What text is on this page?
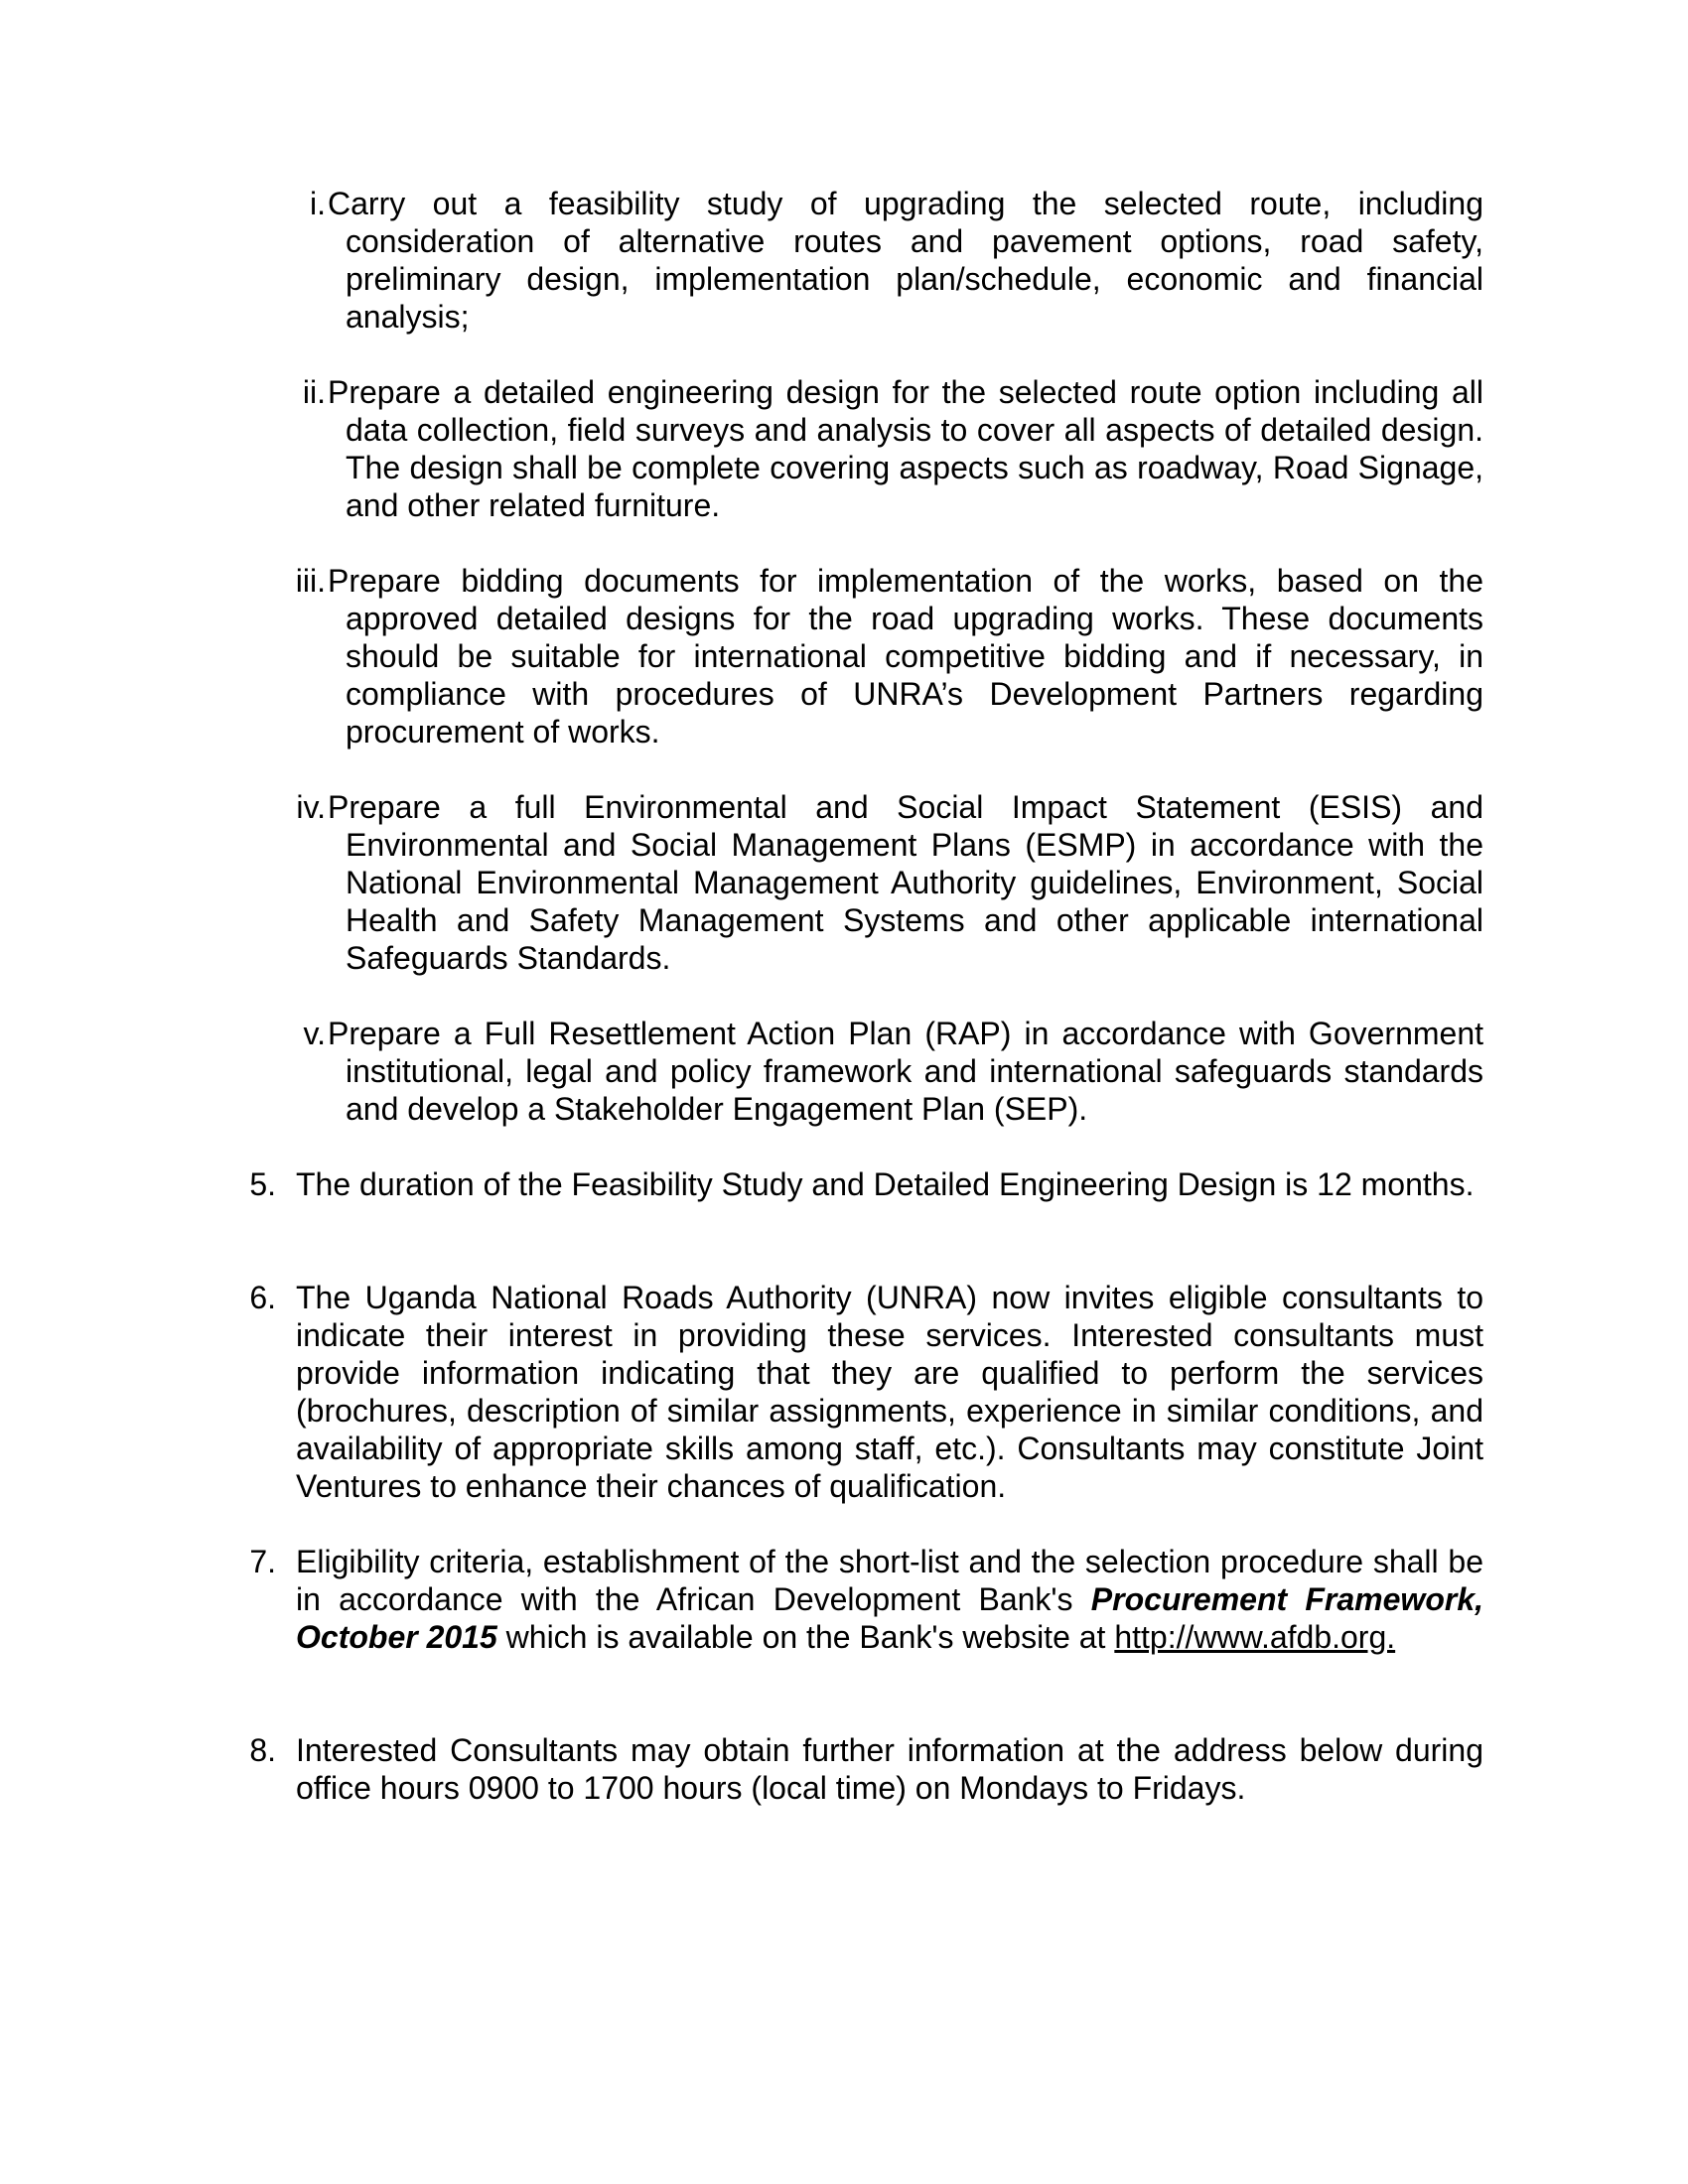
i. Carry out a feasibility study of upgrading the selected route, including consideration of alternative routes and pavement options, road safety, preliminary design, implementation plan/schedule, economic and financial analysis;
ii. Prepare a detailed engineering design for the selected route option including all data collection, field surveys and analysis to cover all aspects of detailed design. The design shall be complete covering aspects such as roadway, Road Signage, and other related furniture.
iii. Prepare bidding documents for implementation of the works, based on the approved detailed designs for the road upgrading works. These documents should be suitable for international competitive bidding and if necessary, in compliance with procedures of UNRA’s Development Partners regarding procurement of works.
iv. Prepare a full Environmental and Social Impact Statement (ESIS) and Environmental and Social Management Plans (ESMP) in accordance with the National Environmental Management Authority guidelines, Environment, Social Health and Safety Management Systems and other applicable international Safeguards Standards.
v. Prepare a Full Resettlement Action Plan (RAP) in accordance with Government institutional, legal and policy framework and international safeguards standards and develop a Stakeholder Engagement Plan (SEP).
5. The duration of the Feasibility Study and Detailed Engineering Design is 12 months.
6. The Uganda National Roads Authority (UNRA) now invites eligible consultants to indicate their interest in providing these services. Interested consultants must provide information indicating that they are qualified to perform the services (brochures, description of similar assignments, experience in similar conditions, and availability of appropriate skills among staff, etc.). Consultants may constitute Joint Ventures to enhance their chances of qualification.
7. Eligibility criteria, establishment of the short-list and the selection procedure shall be in accordance with the African Development Bank's Procurement Framework, October 2015 which is available on the Bank's website at http://www.afdb.org.
8. Interested Consultants may obtain further information at the address below during office hours 0900 to 1700 hours (local time) on Mondays to Fridays.
